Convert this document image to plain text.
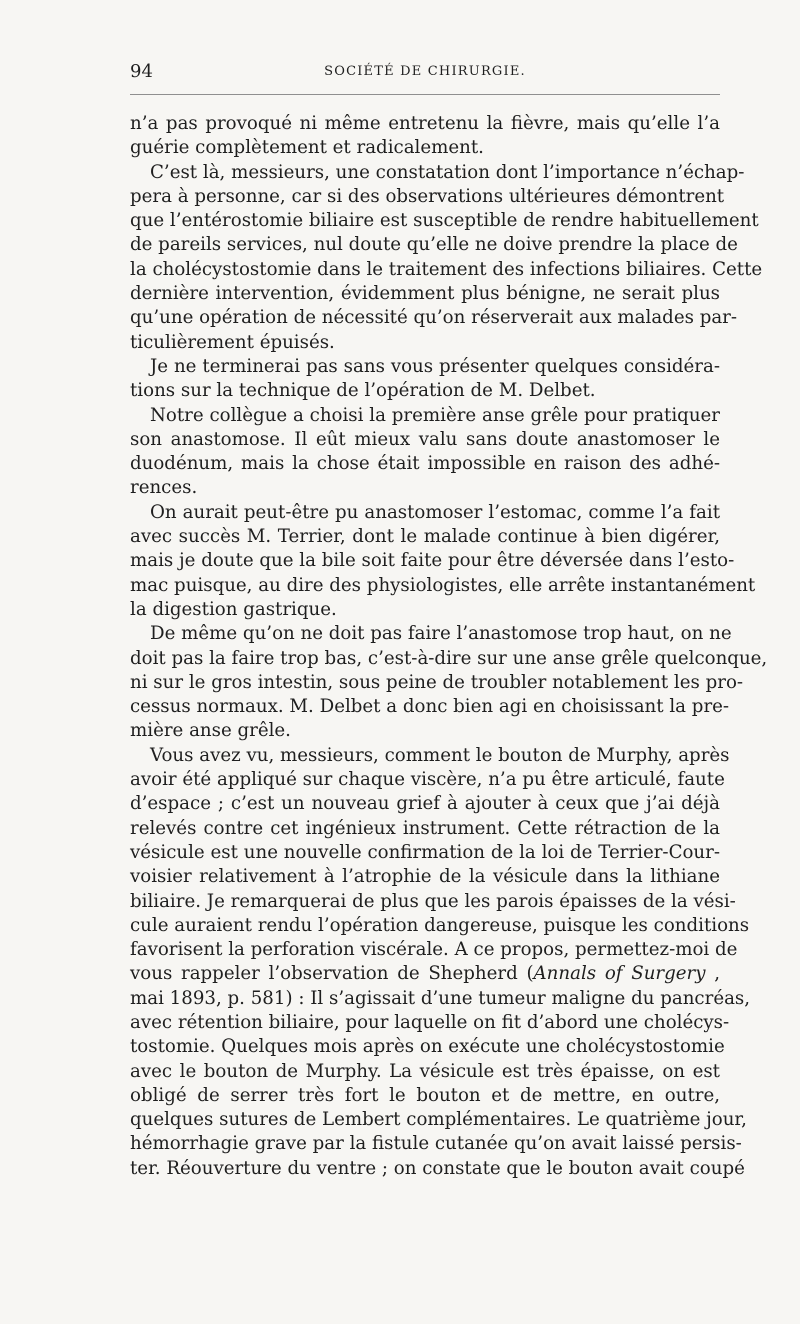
94	SOCIÉTÉ DE CHIRURGIE.
n’a pas provoqué ni même entretenu la fièvre, mais qu’elle l’a
guérie complètement et radicalement.
C’est là, messieurs, une constatation dont l’importance n’échap-
pera à personne, car si des observations ultérieures démontrent
que l’entérostomie biliaire est susceptible de rendre habituellement
de pareils services, nul doute qu’elle ne doive prendre la place de
la cholécystostomie dans le traitement des infections biliaires. Cette
dernière intervention, évidemment plus bénigne, ne serait plus
qu’une opération de nécessité qu’on réserverait aux malades par-
ticulièrement épuisés.
Je ne terminerai pas sans vous présenter quelques considéra-
tions sur la technique de l’opération de M. Delbet.
Notre collègue a choisi la première anse grêle pour pratiquer
son anastomose. Il eût mieux valu sans doute anastomoser le
duodénum, mais la chose était impossible en raison des adhé-
rences.
On aurait peut-être pu anastomoser l’estomac, comme l’a fait
avec succès M. Terrier, dont le malade continue à bien digérer,
mais je doute que la bile soit faite pour être déversée dans l’esto-
mac puisque, au dire des physiologistes, elle arrête instantanément
la digestion gastrique.
De même qu’on ne doit pas faire l’anastomose trop haut, on ne
doit pas la faire trop bas, c’est-à-dire sur une anse grêle quelconque,
ni sur le gros intestin, sous peine de troubler notablement les pro-
cessus normaux. M. Delbet a donc bien agi en choisissant la pre-
mière anse grêle.
Vous avez vu, messieurs, comment le bouton de Murphy, après
avoir été appliqué sur chaque viscère, n’a pu être articulé, faute
d’espace ; c’est un nouveau grief à ajouter à ceux que j’ai déjà
relevés contre cet ingénieux instrument. Cette rétraction de la
vésicule est une nouvelle confirmation de la loi de Terrier-Cour-
voisier relativement à l’atrophie de la vésicule dans la lithiane
biliaire. Je remarquerai de plus que les parois épaisses de la vési-
cule auraient rendu l’opération dangereuse, puisque les conditions
favorisent la perforation viscérale. A ce propos, permettez-moi de
vous rappeler l’observation de Shepherd (Annals of Surgery ,
mai 1893, p. 581) : Il s’agissait d’une tumeur maligne du pancréas,
avec rétention biliaire, pour laquelle on fit d’abord une cholécys-
tostomie. Quelques mois après on exécute une cholécystostomie
avec le bouton de Murphy. La vésicule est très épaisse, on est
obligé de serrer très fort le bouton et de mettre, en outre,
quelques sutures de Lembert complémentaires. Le quatrième jour,
hémorrhagie grave par la fistule cutanée qu’on avait laissé persis-
ter. Réouverture du ventre ; on constate que le bouton avait coupé
